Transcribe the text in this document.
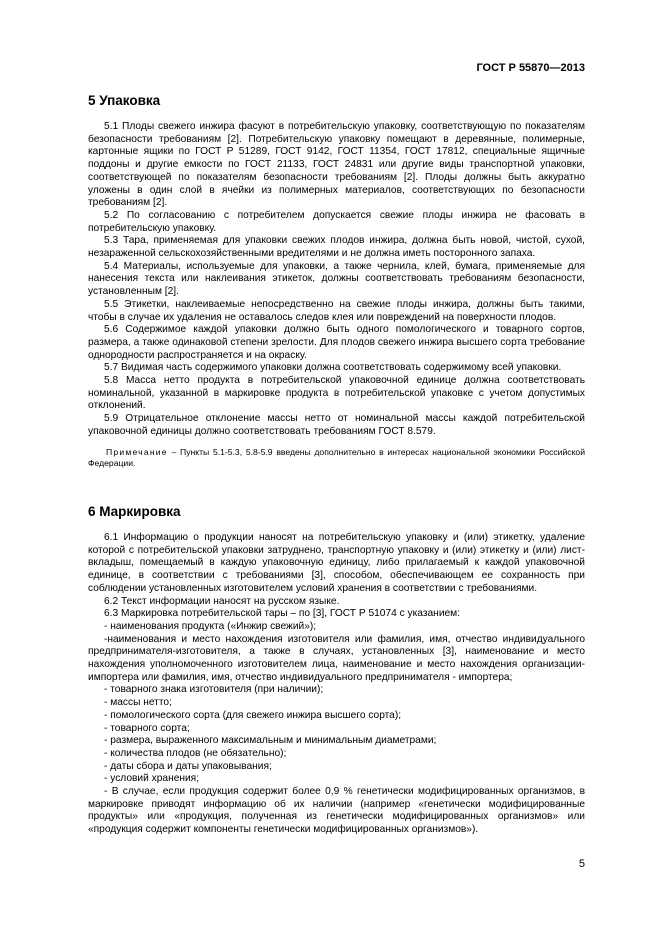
ГОСТ Р 55870—2013
5 Упаковка

5.1 Плоды свежего инжира фасуют в потребительскую упаковку, соответствующую по показателям безопасности требованиям [2]. Потребительскую упаковку помещают в деревянные, полимерные, картонные ящики по ГОСТ Р 51289, ГОСТ 9142, ГОСТ 11354, ГОСТ 17812, специальные ящичные поддоны и другие емкости по ГОСТ 21133, ГОСТ 24831 или другие виды транспортной упаковки, соответствующей по показателям безопасности требованиям [2]. Плоды должны быть аккуратно уложены в один слой в ячейки из полимерных материалов, соответствующих по безопасности требованиям [2].

5.2 По согласованию с потребителем допускается свежие плоды инжира не фасовать в потребительскую упаковку.

5.3 Тара, применяемая для упаковки свежих плодов инжира, должна быть новой, чистой, сухой, незараженной сельскохозяйственными вредителями и не должна иметь посторонного запаха.

5.4 Материалы, используемые для упаковки, а также чернила, клей, бумага, применяемые для нанесения текста или наклеивания этикеток, должны соответствовать требованиям безопасности, установленным [2].

5.5 Этикетки, наклеиваемые непосредственно на свежие плоды инжира, должны быть такими, чтобы в случае их удаления не оставалось следов клея или повреждений на поверхности плодов.

5.6 Содержимое каждой упаковки должно быть одного помологического и товарного сортов, размера, а также одинаковой степени зрелости. Для плодов свежего инжира высшего сорта требование однородности распространяется и на окраску.

5.7 Видимая часть содержимого упаковки должна соответствовать содержимому всей упаковки.

5.8 Масса нетто продукта в потребительской упаковочной единице должна соответствовать номинальной, указанной в маркировке продукта в потребительской упаковке с учетом допустимых отклонений.

5.9 Отрицательное отклонение массы нетто от номинальной массы каждой потребительской упаковочной единицы должно соответствовать требованиям ГОСТ 8.579.

Примечание – Пункты 5.1-5.3, 5.8-5.9 введены дополнительно в интересах национальной экономики Российской Федерации.

6 Маркировка

6.1 Информацию о продукции наносят на потребительскую упаковку и (или) этикетку, удаление которой с потребительской упаковки затруднено, транспортную упаковку и (или) этикетку и (или) лист-вкладыш, помещаемый в каждую упаковочную единицу, либо прилагаемый к каждой упаковочной единице, в соответствии с требованиями [3], способом, обеспечивающем ее сохранность при соблюдении установленных изготовителем условий хранения в соответствии с требованиями.

6.2 Текст информации наносят на русском языке.

6.3 Маркировка потребительской тары – по [3], ГОСТ Р 51074 с указанием:

- наименования продукта («Инжир свежий»);

-наименования и место нахождения изготовителя или фамилия, имя, отчество индивидуального предпринимателя-изготовителя, а также в случаях, установленных [3], наименование и место нахождения уполномоченного изготовителем лица, наименование и место нахождения организации-импортера или фамилия, имя, отчество индивидуального предпринимателя - импортера;

- товарного знака изготовителя (при наличии);

- массы нетто;

- помологического сорта (для свежего инжира высшего сорта);

- товарного сорта;

- размера, выраженного максимальным и минимальным диаметрами;

- количества плодов (не обязательно);

- даты сбора и даты упаковывания;

- условий хранения;

- В случае, если продукция содержит более 0,9 % генетически модифицированных организмов, в маркировке приводят информацию об их наличии (например «генетически модифицированные продукты» или «продукция, полученная из генетически модифицированных организмов» или «продукция содержит компоненты генетически модифицированных организмов»).

5
